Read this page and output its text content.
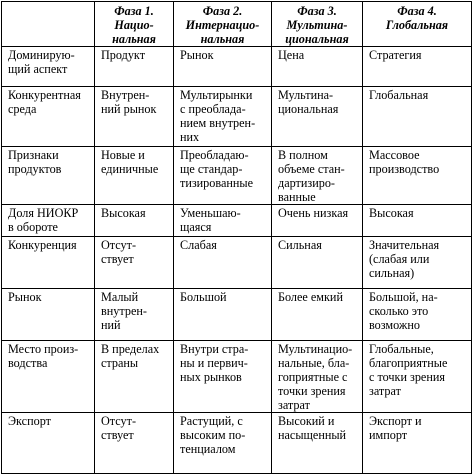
	Фаза 1.
Нацио-
нальная	Фаза 2.
Интернацио-
нальная	Фаза 3.
Мультина-
циональная	Фаза 4.
Глобальная
Доминирую-
щий аспект	Продукт	Рынок	Цена	Стратегия
Конкурентная
среда	Внутрен-
ний рынок	Мультирынки
с преоблада-
нием внутрен-
них	Мультина-
циональная	Глобальная
Признаки
продуктов	Новые и
единичные	Преобладаю-
ще стандар-
тизированные	В полном
объеме стан-
дартизиро-
ванные	Массовое
производство
Доля НИОКР
в обороте	Высокая	Уменьшаю-
щаяся	Очень низкая	Высокая
Конкуренция	Отсут-
ствует	Слабая	Сильная	Значительная
(слабая или
сильная)
Рынок	Малый
внутрен-
ний	Большой	Более емкий	Большой, на-
сколько это
возможно
Место произ-
водства	В пределах
страны	Внутри стра-
ны и первич-
ных рынков	Мультинацио-
нальные, бла-
гоприятные с
точки зрения
затрат	Глобальные,
благоприятные
с точки зрения
затрат
Экспорт	Отсут-
ствует	Растущий, с
высоким по-
тенциалом	Высокий и
насыщенный	Экспорт и
импорт
